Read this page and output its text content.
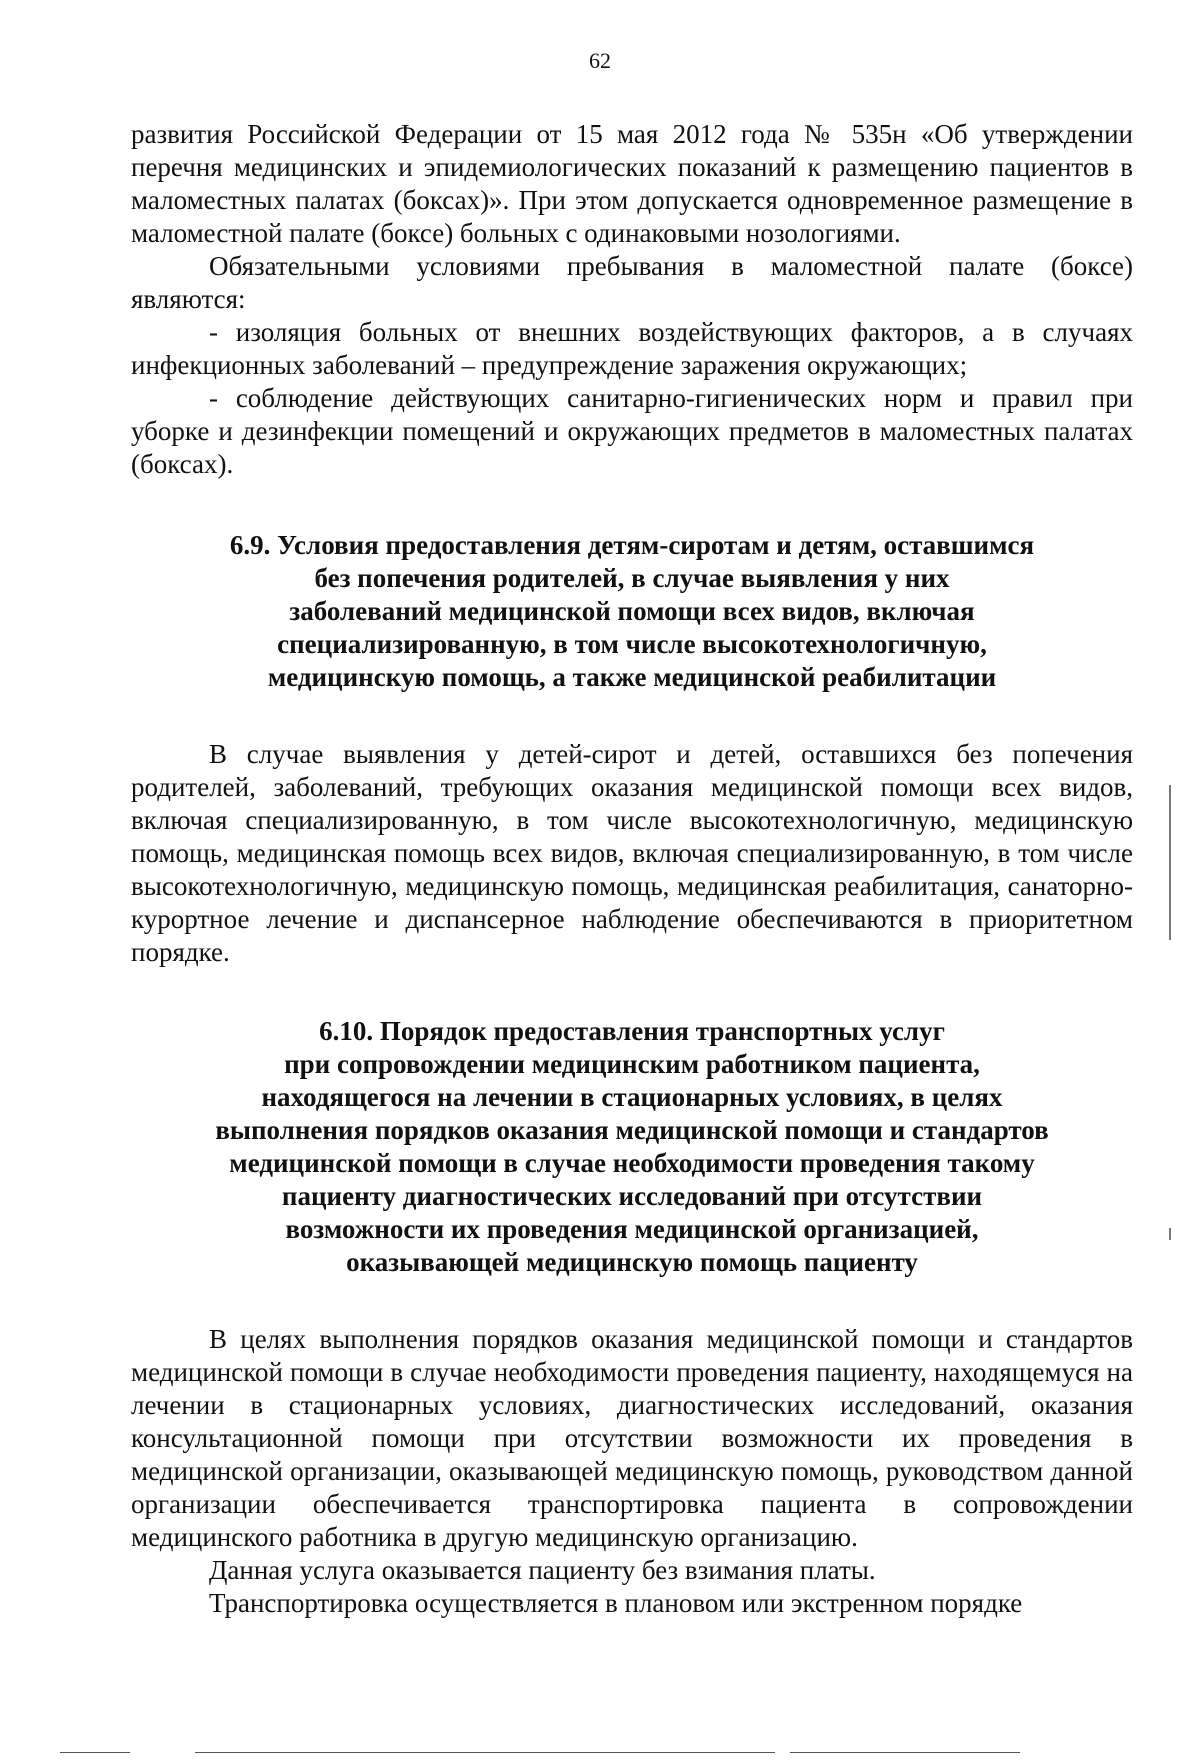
62

развития Российской Федерации от 15 мая 2012 года № 535н «Об утверждении перечня медицинских и эпидемиологических показаний к размещению пациентов в маломестных палатах (боксах)». При этом допускается одновременное размещение в маломестной палате (боксе) больных с одинаковыми нозологиями.

Обязательными условиями пребывания в маломестной палате (боксе) являются:

- изоляция больных от внешних воздействующих факторов, а в случаях инфекционных заболеваний – предупреждение заражения окружающих;

- соблюдение действующих санитарно-гигиенических норм и правил при уборке и дезинфекции помещений и окружающих предметов в маломестных палатах (боксах).

6.9. Условия предоставления детям-сиротам и детям, оставшимся
без попечения родителей, в случае выявления у них
заболеваний медицинской помощи всех видов, включая
специализированную, в том числе высокотехнологичную,
медицинскую помощь, а также медицинской реабилитации

В случае выявления у детей-сирот и детей, оставшихся без попечения родителей, заболеваний, требующих оказания медицинской помощи всех видов, включая специализированную, в том числе высокотехнологичную, медицинскую помощь, медицинская помощь всех видов, включая специализированную, в том числе высокотехнологичную, медицинскую помощь, медицинская реабилитация, санаторно-курортное лечение и диспансерное наблюдение обеспечиваются в приоритетном порядке.

6.10. Порядок предоставления транспортных услуг
при сопровождении медицинским работником пациента,
находящегося на лечении в стационарных условиях, в целях
выполнения порядков оказания медицинской помощи и стандартов
медицинской помощи в случае необходимости проведения такому
пациенту диагностических исследований при отсутствии
возможности их проведения медицинской организацией,
оказывающей медицинскую помощь пациенту

В целях выполнения порядков оказания медицинской помощи и стандартов медицинской помощи в случае необходимости проведения пациенту, находящемуся на лечении в стационарных условиях, диагностических исследований, оказания консультационной помощи при отсутствии возможности их проведения в медицинской организации, оказывающей медицинскую помощь, руководством данной организации обеспечивается транспортировка пациента в сопровождении медицинского работника в другую медицинскую организацию.

Данная услуга оказывается пациенту без взимания платы.

Транспортировка осуществляется в плановом или экстренном порядке
